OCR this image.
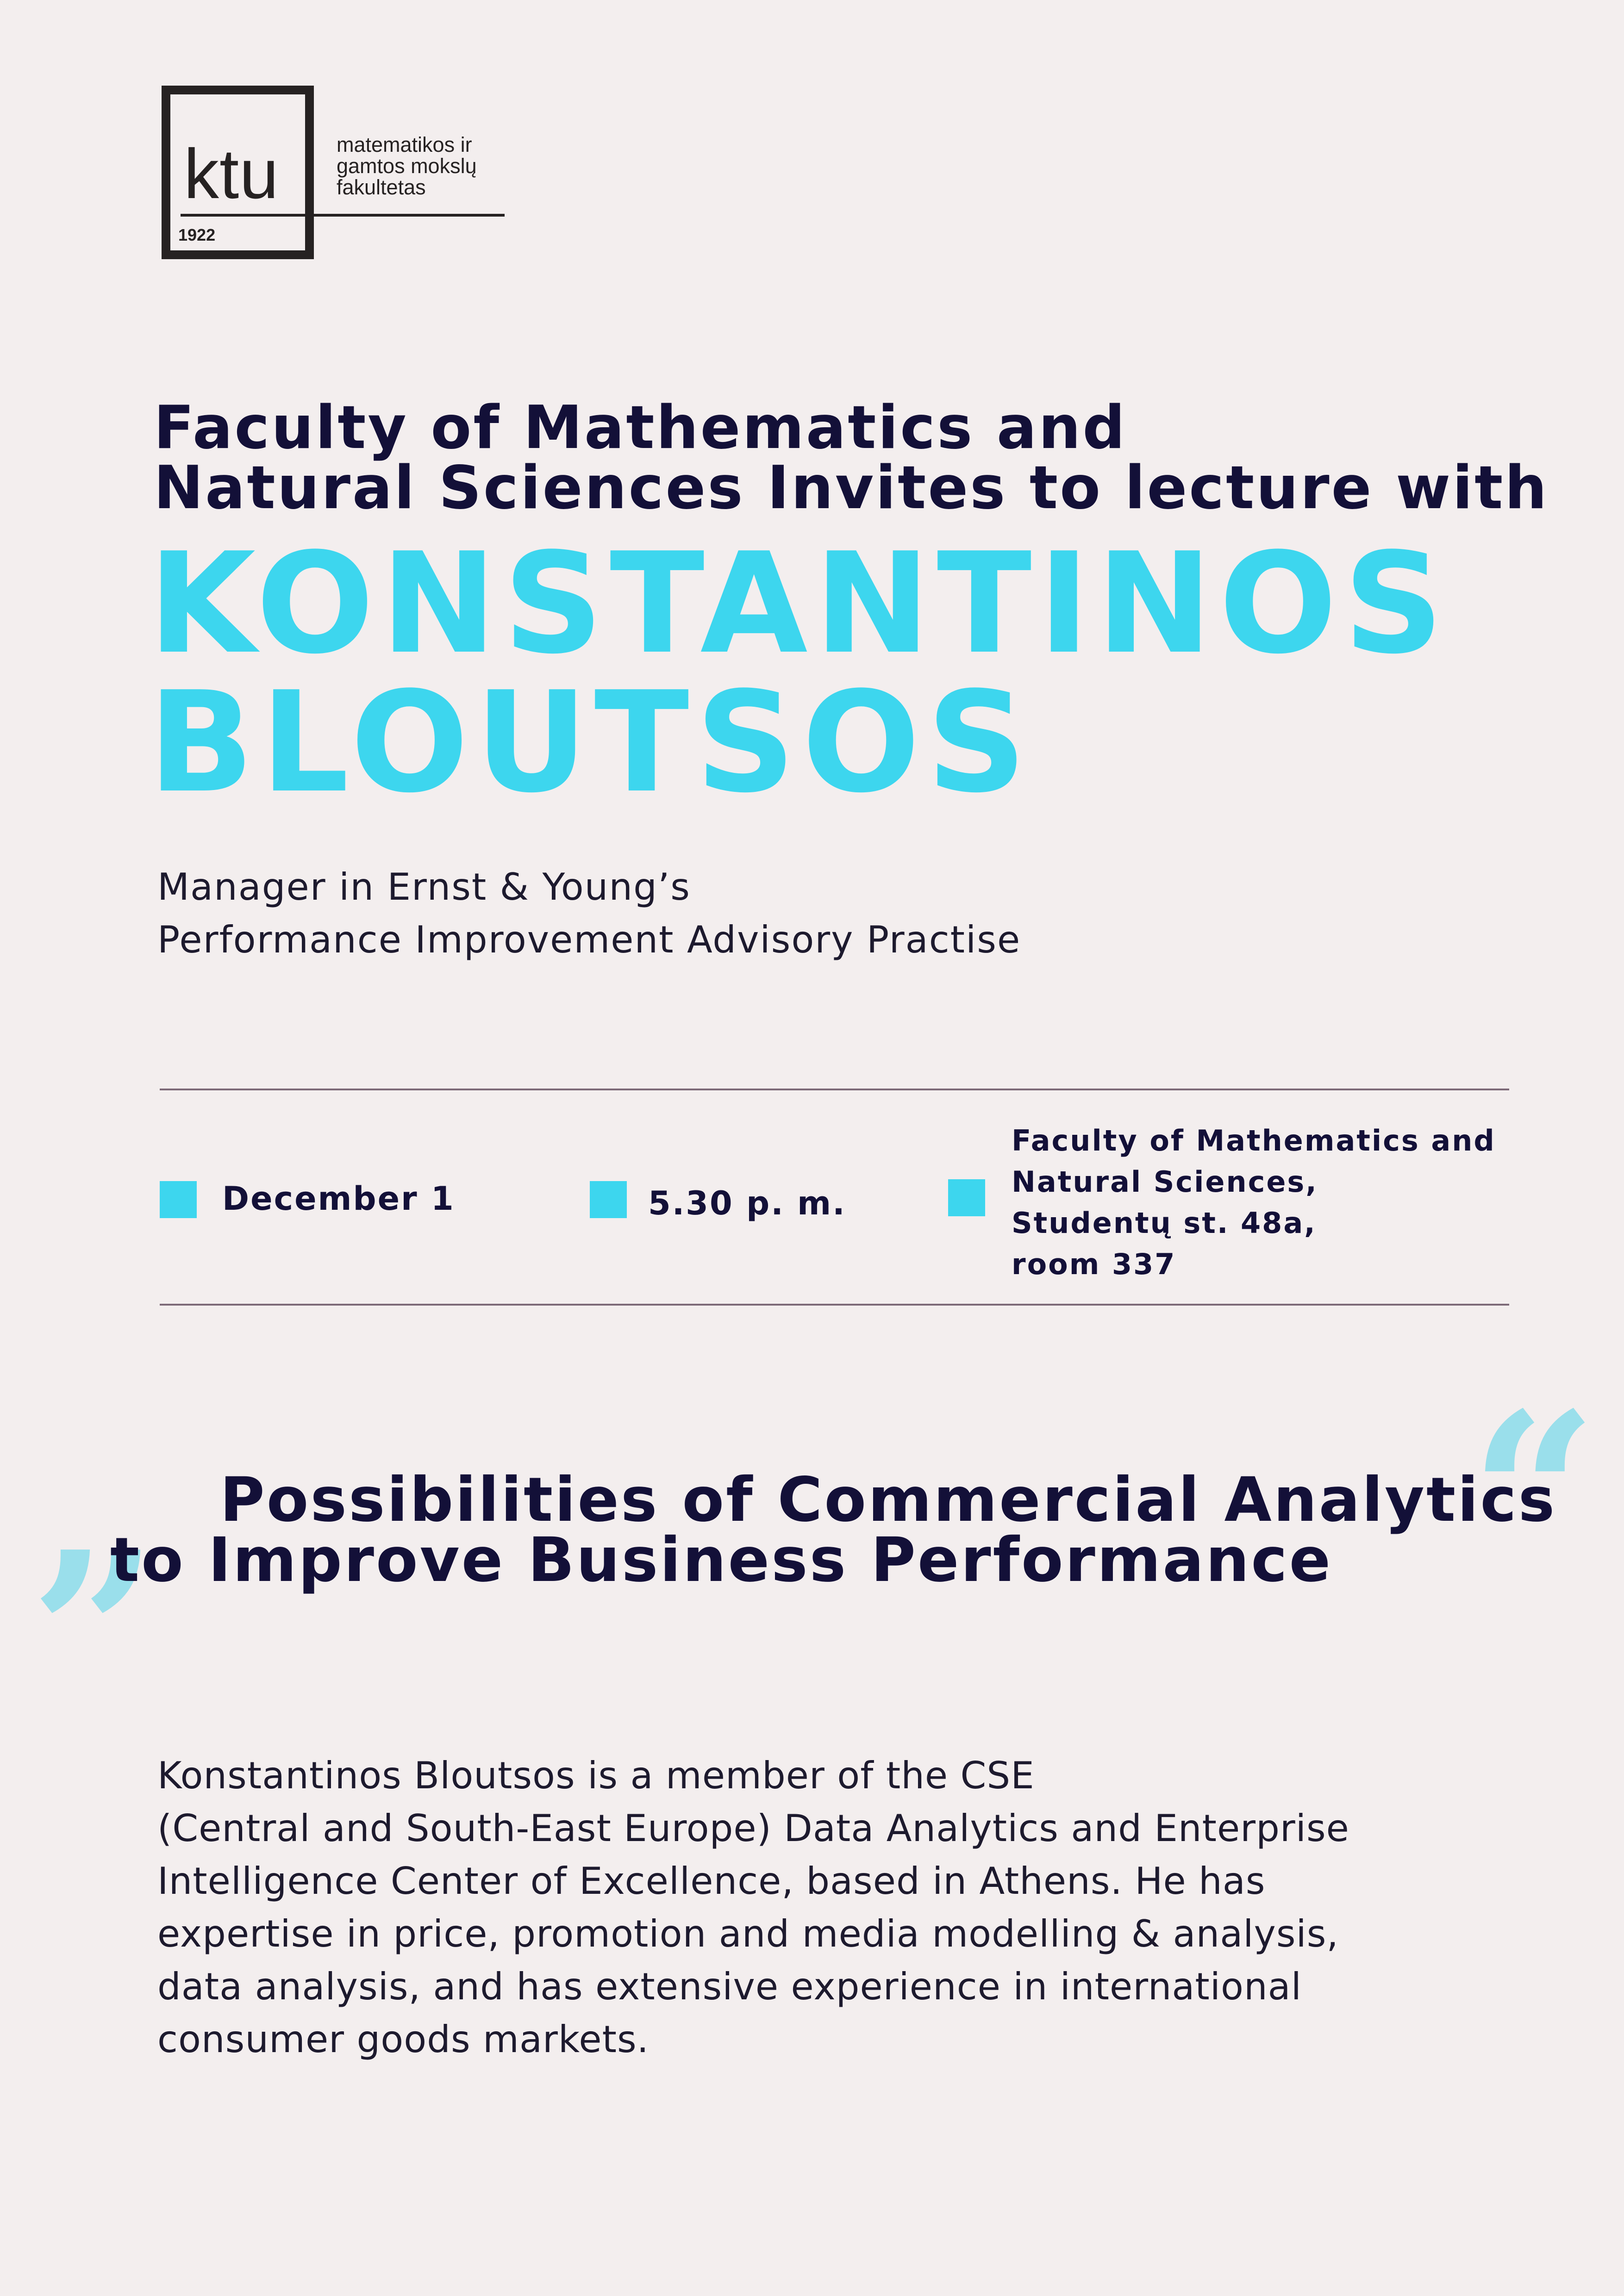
ktu
1922
matematikos ir
gamtos mokslų
fakultetas
Faculty of Mathematics and
Natural Sciences Invites to lecture with
KONSTANTINOS
BLOUTSOS
Manager in Ernst & Young’s
Performance Improvement Advisory Practise
December 1	5.30 p. m.
Faculty of Mathematics and
Natural Sciences,
Studentų st. 48a,
room 337
“
”
Possibilities of Commercial Analytics
to Improve Business Performance
Konstantinos Bloutsos is a member of the CSE
(Central and South-East Europe) Data Analytics and Enterprise
Intelligence Center of Excellence, based in Athens. He has
expertise in price, promotion and media modelling & analysis,
data analysis, and has extensive experience in international
consumer goods markets.
